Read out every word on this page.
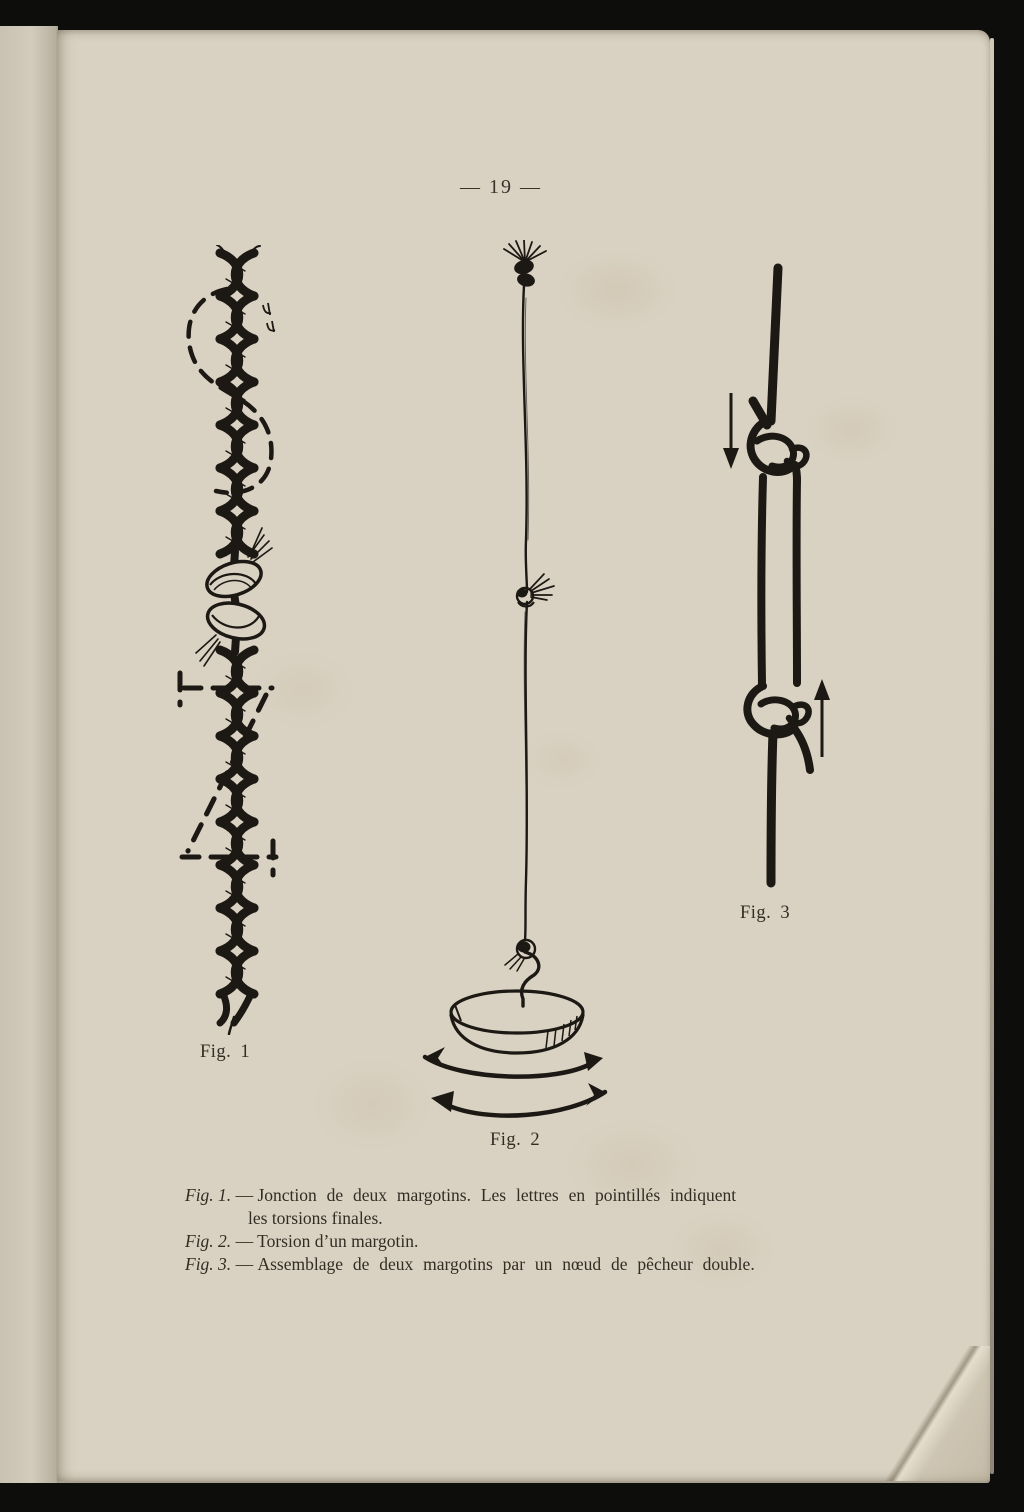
— 19 —
Fig. 1
Fig. 2
Fig. 3
Fig. 1. — Jonction de deux margotins. Les lettres en pointillés indiquent
les torsions finales.
Fig. 2. — Torsion d’un margotin.
Fig. 3. — Assemblage de deux margotins par un nœud de pêcheur double.
